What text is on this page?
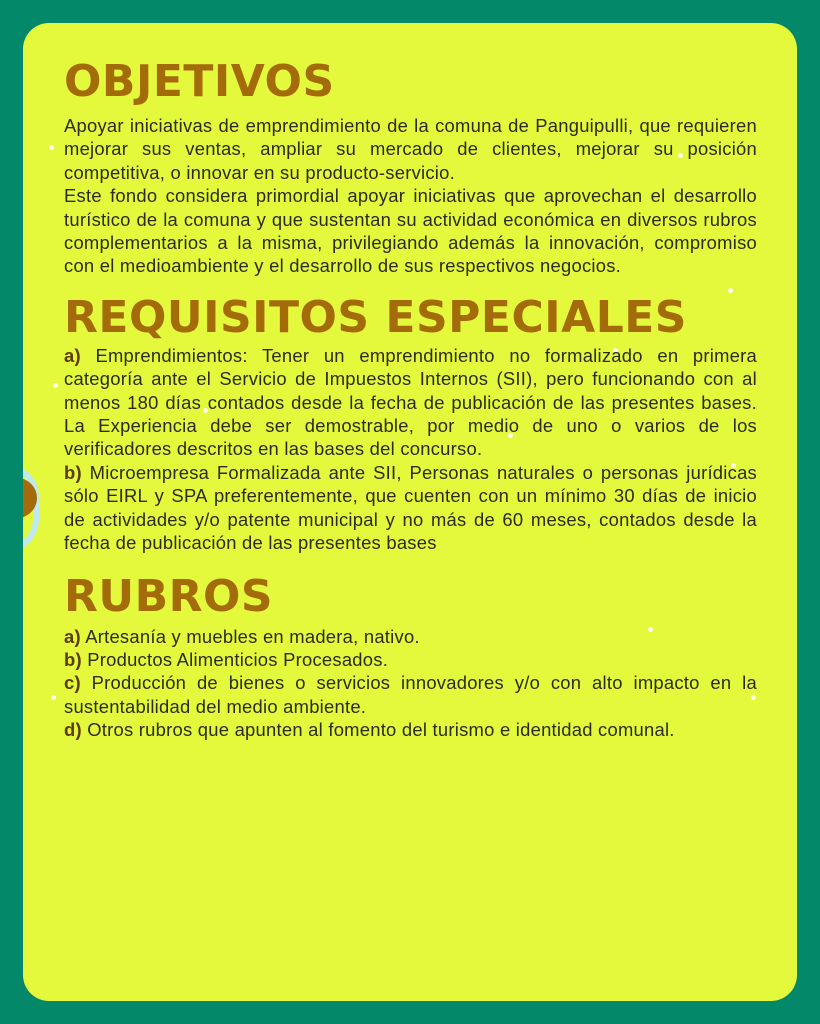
OBJETIVOS

Apoyar iniciativas de emprendimiento de la comuna de Panguipulli, que requieren mejorar sus ventas, ampliar su mercado de clientes, mejorar su posición competitiva, o innovar en su producto-servicio.

Este fondo considera primordial apoyar iniciativas que aprovechan el desarrollo turístico de la comuna y que sustentan su actividad económica en diversos rubros complementarios a la misma, privilegiando además la innovación, compromiso con el medioambiente y el desarrollo de sus respectivos negocios.

REQUISITOS ESPECIALES

a) Emprendimientos: Tener un emprendimiento no formalizado en primera categoría ante el Servicio de Impuestos Internos (SII), pero funcionando con al menos 180 días contados desde la fecha de publicación de las presentes bases. La Experiencia debe ser demostrable, por medio de uno o varios de los verificadores descritos en las bases del concurso.

b) Microempresa Formalizada ante SII, Personas naturales o personas jurídicas sólo EIRL y SPA preferentemente, que cuenten con un mínimo 30 días de inicio de actividades y/o patente municipal y no más de 60 meses, contados desde la fecha de publicación de las presentes bases

RUBROS

a) Artesanía y muebles en madera, nativo.

b) Productos Alimenticios Procesados.

c) Producción de bienes o servicios innovadores y/o con alto impacto en la sustentabilidad del medio ambiente.

d) Otros rubros que apunten al fomento del turismo e identidad comunal.
